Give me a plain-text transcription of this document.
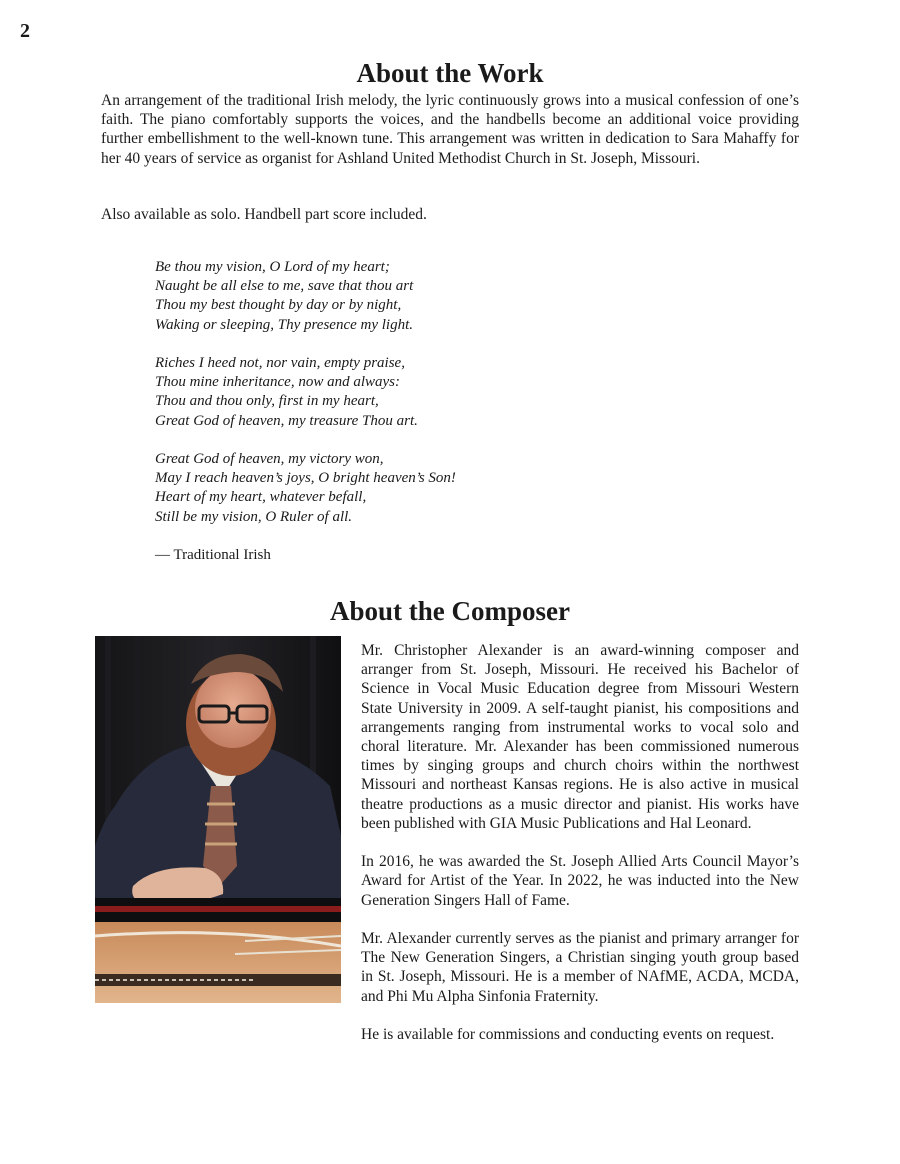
2
About the Work

An arrangement of the traditional Irish melody, the lyric continuously grows into a musical confession of one’s faith. The piano comfortably supports the voices, and the handbells become an additional voice providing further embellishment to the well-known tune. This arrangement was written in dedication to Sara Mahaffy for her 40 years of service as organist for Ashland United Methodist Church in St. Joseph, Missouri.

Also available as solo. Handbell part score included.

Be thou my vision, O Lord of my heart;
Naught be all else to me, save that thou art
Thou my best thought by day or by night,
Waking or sleeping, Thy presence my light.
Riches I heed not, nor vain, empty praise,
Thou mine inheritance, now and always:
Thou and thou only, first in my heart,
Great God of heaven, my treasure Thou art.
Great God of heaven, my victory won,
May I reach heaven’s joys, O bright heaven’s Son!
Heart of my heart, whatever befall,
Still be my vision, O Ruler of all.

— Traditional Irish

About the Composer

Mr. Christopher Alexander is an award-winning composer and arranger from St. Joseph, Missouri. He received his Bachelor of Science in Vocal Music Education degree from Missouri Western State University in 2009. A self-taught pianist, his compositions and arrangements ranging from instrumental works to vocal solo and choral literature. Mr. Alexander has been commissioned numerous times by singing groups and church choirs within the northwest Missouri and northeast Kansas regions. He is also active in musical theatre productions as a music director and pianist. His works have been published with GIA Music Publications and Hal Leonard.

In 2016, he was awarded the St. Joseph Allied Arts Council Mayor’s Award for Artist of the Year. In 2022, he was inducted into the New Generation Singers Hall of Fame.

Mr. Alexander currently serves as the pianist and primary arranger for The New Generation Singers, a Christian singing youth group based in St. Joseph, Missouri. He is a member of NAfME, ACDA, MCDA, and Phi Mu Alpha Sinfonia Fraternity.

He is available for commissions and conducting events on request.
